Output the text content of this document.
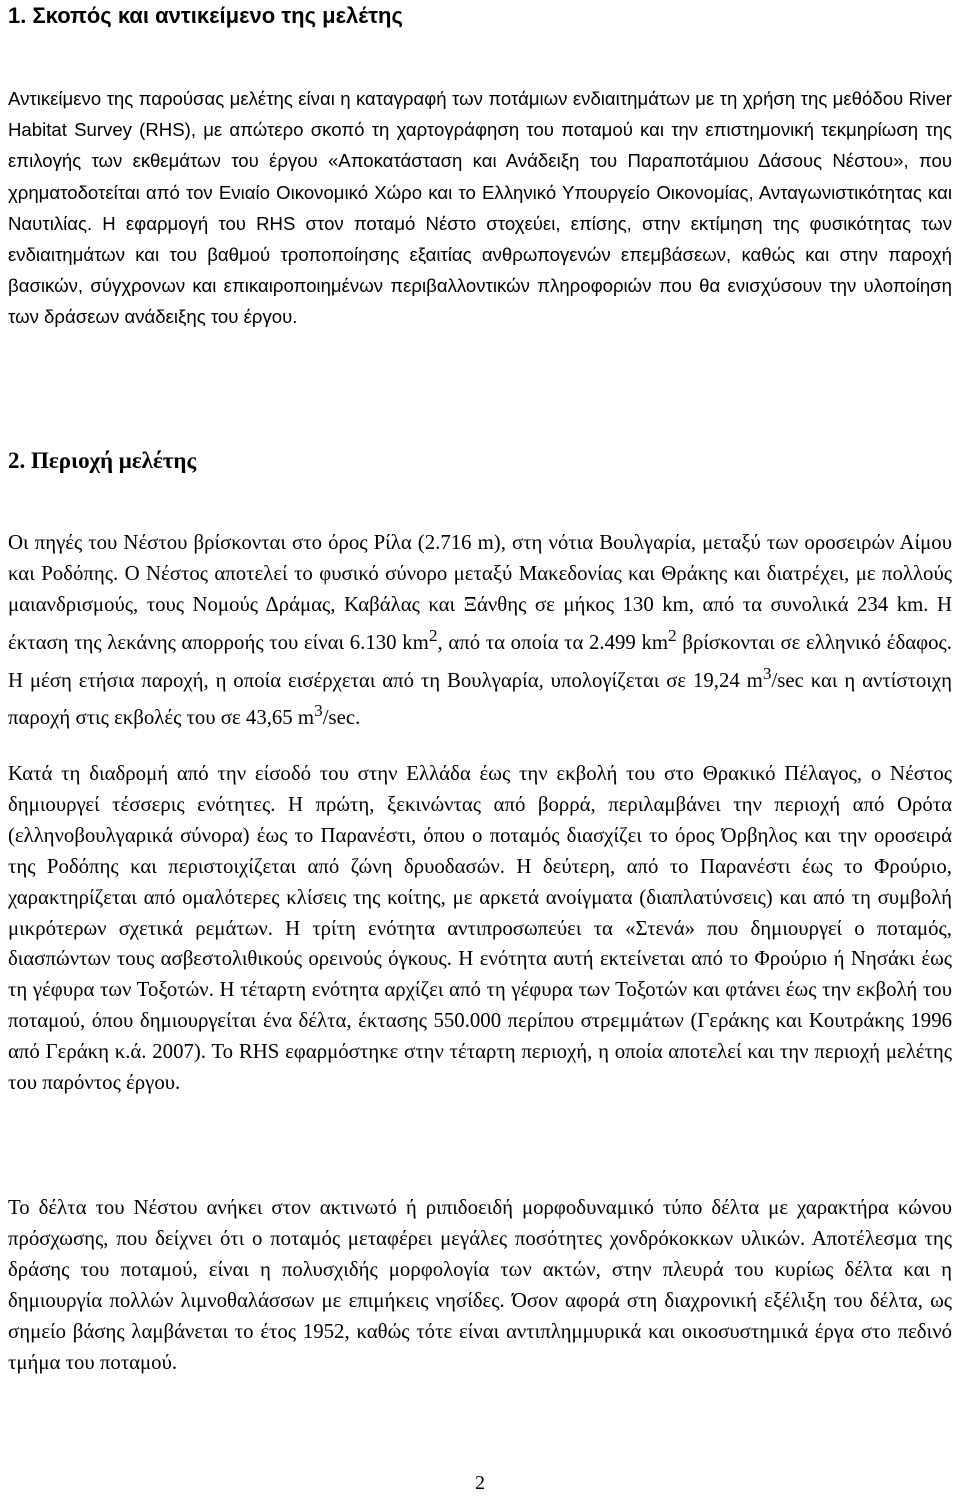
1. Σκοπός και αντικείμενο της μελέτης

Αντικείμενο της παρούσας μελέτης είναι η καταγραφή των ποτάμιων ενδιαιτημάτων με τη χρήση της μεθόδου River Habitat Survey (RHS), με απώτερο σκοπό τη χαρτογράφηση του ποταμού και την επιστημονική τεκμηρίωση της επιλογής των εκθεμάτων του έργου «Αποκατάσταση και Ανάδειξη του Παραποτάμιου Δάσους Νέστου», που χρηματοδοτείται από τον Ενιαίο Οικονομικό Χώρο και το Ελληνικό Υπουργείο Οικονομίας, Ανταγωνιστικότητας και Ναυτιλίας. Η εφαρμογή του RHS στον ποταμό Νέστο στοχεύει, επίσης, στην εκτίμηση της φυσικότητας των ενδιαιτημάτων και του βαθμού τροποποίησης εξαιτίας ανθρωπογενών επεμβάσεων, καθώς και στην παροχή βασικών, σύγχρονων και επικαιροποιημένων περιβαλλοντικών πληροφοριών που θα ενισχύσουν την υλοποίηση των δράσεων ανάδειξης του έργου.

2. Περιοχή μελέτης

Οι πηγές του Νέστου βρίσκονται στο όρος Ρίλα (2.716 m), στη νότια Βουλγαρία, μεταξύ των οροσειρών Αίμου και Ροδόπης. Ο Νέστος αποτελεί το φυσικό σύνορο μεταξύ Μακεδονίας και Θράκης και διατρέχει, με πολλούς μαιανδρισμούς, τους Νομούς Δράμας, Καβάλας και Ξάνθης σε μήκος 130 km, από τα συνολικά 234 km. Η έκταση της λεκάνης απορροής του είναι 6.130 $km^2$, από τα οποία τα 2.499 $km^2$ βρίσκονται σε ελληνικό έδαφος. Η μέση ετήσια παροχή, η οποία εισέρχεται από τη Βουλγαρία, υπολογίζεται σε 19,24 $m^3/\sec$ και η αντίστοιχη παροχή στις εκβολές του σε 43,65 $m^3/\sec$.

Κατά τη διαδρομή από την είσοδό του στην Ελλάδα έως την εκβολή του στο Θρακικό Πέλαγος, ο Νέστος δημιουργεί τέσσερις ενότητες. Η πρώτη, ξεκινώντας από βορρά, περιλαμβάνει την περιοχή από Ορότα (ελληνοβουλγαρικά σύνορα) έως το Παρανέστι, όπου ο ποταμός διασχίζει το όρος Όρβηλος και την οροσειρά της Ροδόπης και περιστοιχίζεται από ζώνη δρυοδασών. Η δεύτερη, από το Παρανέστι έως το Φρούριο, χαρακτηρίζεται από ομαλότερες κλίσεις της κοίτης, με αρκετά ανοίγματα (διαπλατύνσεις) και από τη συμβολή μικρότερων σχετικά ρεμάτων. Η τρίτη ενότητα αντιπροσωπεύει τα «Στενά» που δημιουργεί ο ποταμός, διασπώντων τους ασβεστολιθικούς ορεινούς όγκους. Η ενότητα αυτή εκτείνεται από το Φρούριο ή Νησάκι έως τη γέφυρα των Τοξοτών. Η τέταρτη ενότητα αρχίζει από τη γέφυρα των Τοξοτών και φτάνει έως την εκβολή του ποταμού, όπου δημιουργείται ένα δέλτα, έκτασης 550.000 περίπου στρεμμάτων (Γεράκης και Κουτράκης 1996 από Γεράκη κ.ά. 2007). Το RHS εφαρμόστηκε στην τέταρτη περιοχή, η οποία αποτελεί και την περιοχή μελέτης του παρόντος έργου.

Το δέλτα του Νέστου ανήκει στον ακτινωτό ή ριπιδοειδή μορφοδυναμικό τύπο δέλτα με χαρακτήρα κώνου πρόσχωσης, που δείχνει ότι ο ποταμός μεταφέρει μεγάλες ποσότητες χονδρόκοκκων υλικών. Αποτέλεσμα της δράσης του ποταμού, είναι η πολυσχιδής μορφολογία των ακτών, στην πλευρά του κυρίως δέλτα και η δημιουργία πολλών λιμνοθαλάσσων με επιμήκεις νησίδες. Όσον αφορά στη διαχρονική εξέλιξη του δέλτα, ως σημείο βάσης λαμβάνεται το έτος 1952, καθώς τότε είναι αντιπλημμυρικά και οικοσυστημικά έργα στο πεδινό τμήμα του ποταμού.

2
